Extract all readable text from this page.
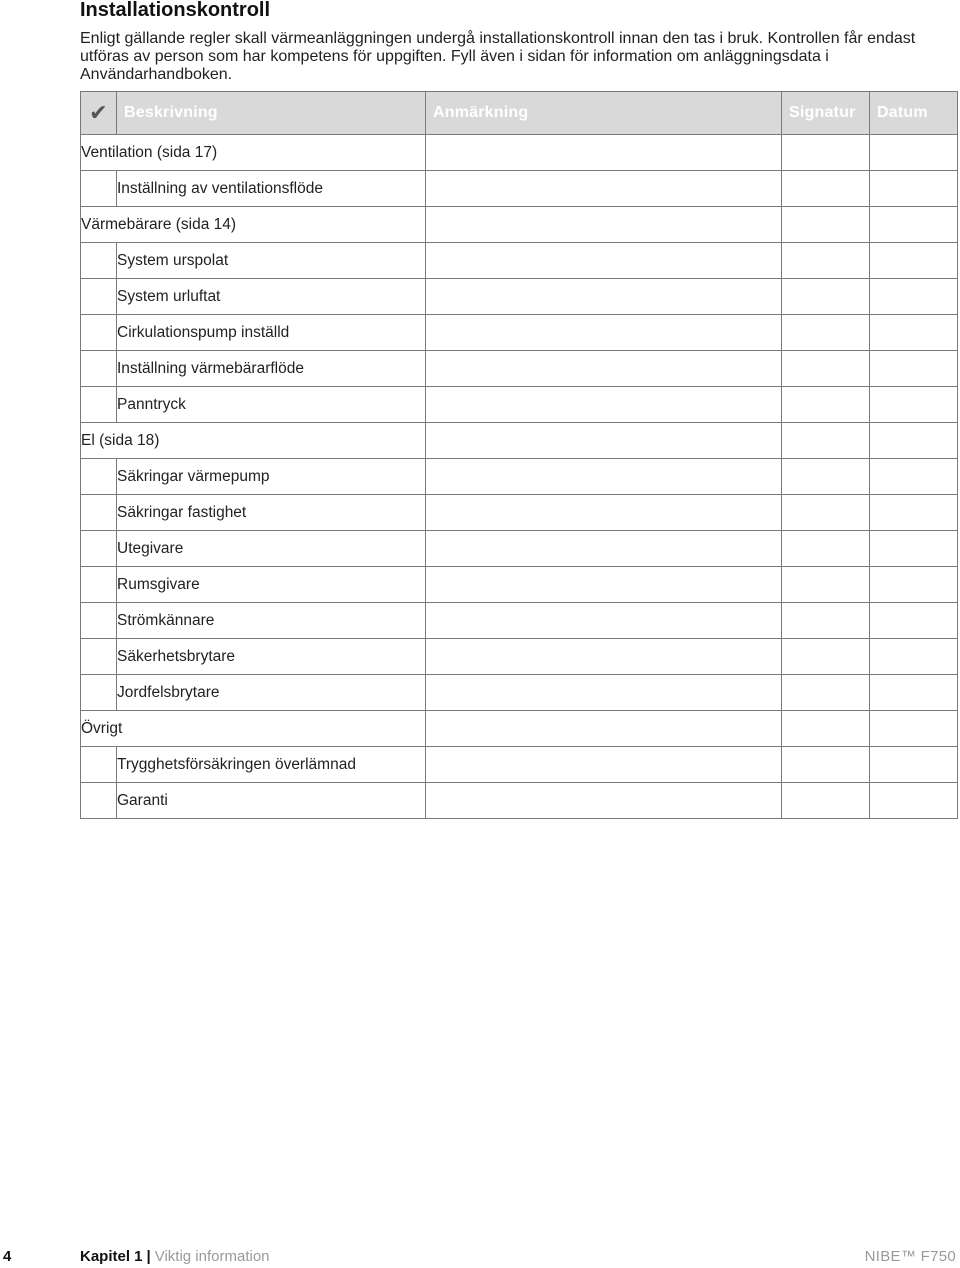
Installationskontroll

Enligt gällande regler skall värmeanläggningen undergå installationskontroll innan den tas i bruk. Kontrollen får endast utföras av person som har kompetens för uppgiften. Fyll även i sidan för information om anläggningsdata i Användarhandboken.

✔	Beskrivning	Anmärkning	Signatur	Datum
Ventilation (sida 17)				
	Inställning av ventilationsflöde			
Värmebärare (sida 14)				
	System urspolat			
	System urluftat			
	Cirkulationspump inställd			
	Inställning värmebärarflöde			
	Panntryck			
El (sida 18)				
	Säkringar värmepump			
	Säkringar fastighet			
	Utegivare			
	Rumsgivare			
	Strömkännare			
	Säkerhetsbrytare			
	Jordfelsbrytare			
Övrigt				
	Trygghetsförsäkringen överlämnad			
	Garanti			
4	Kapitel 1 | Viktig information	NIBE™ F750
